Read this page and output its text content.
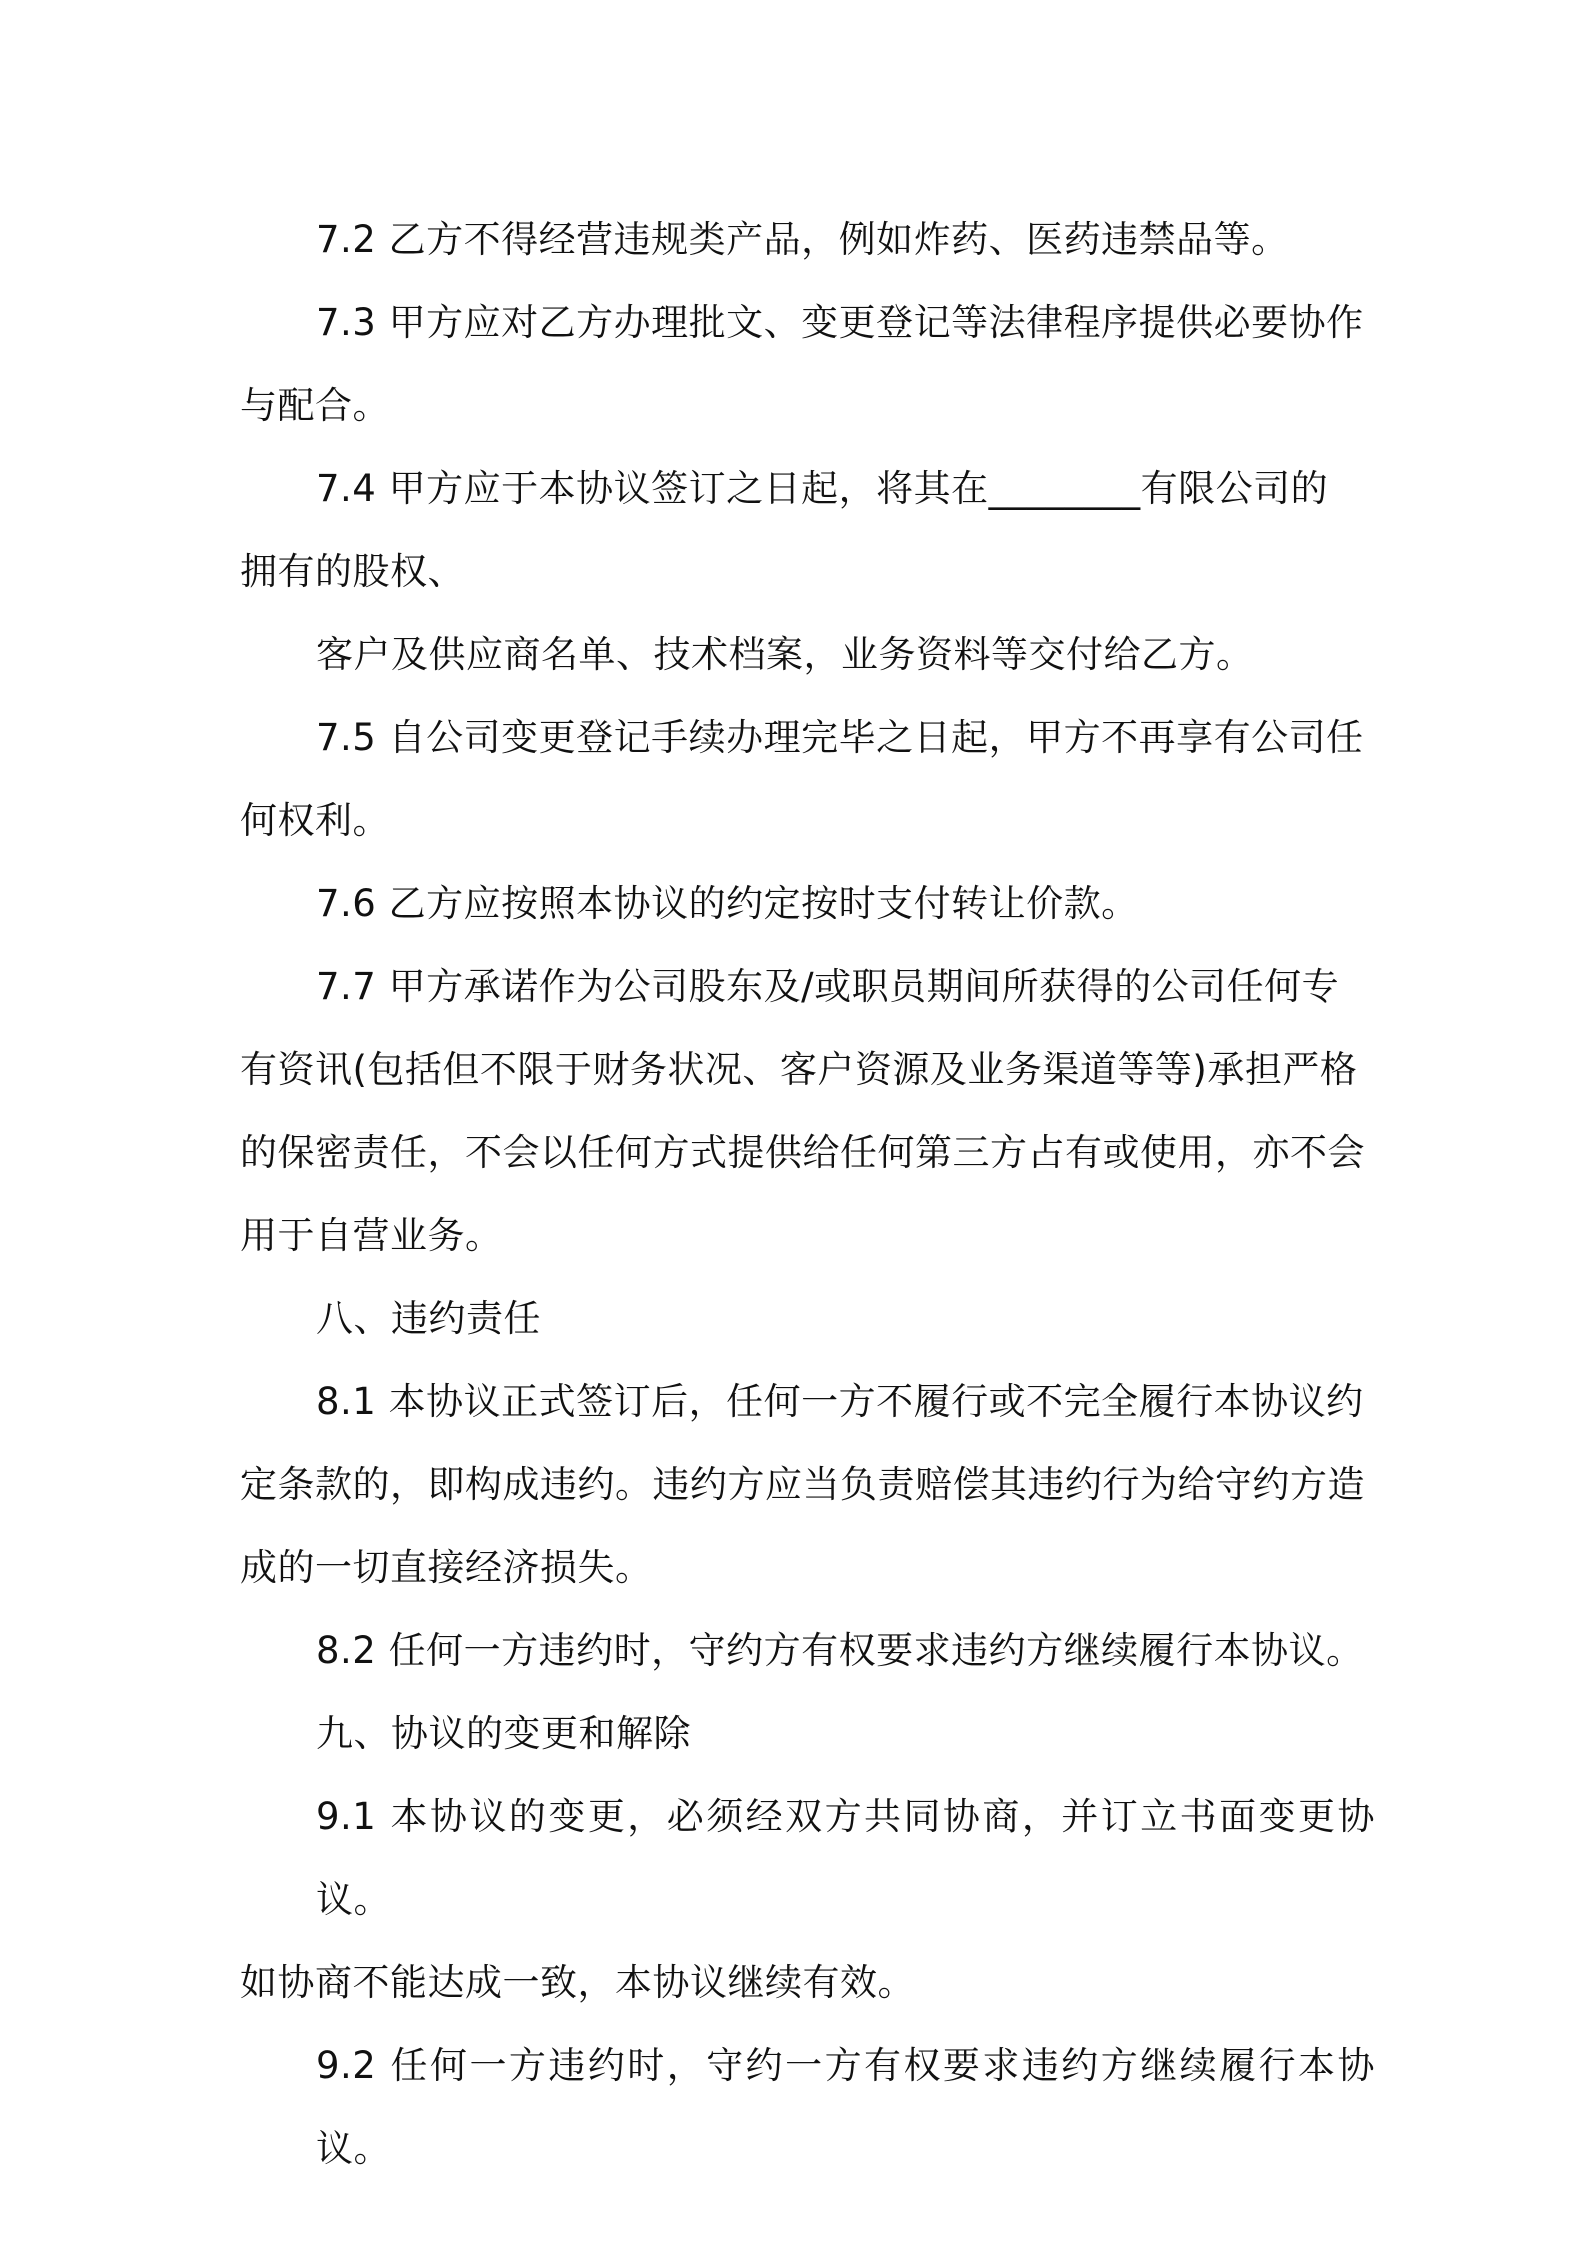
7.2 乙方不得经营违规类产品，例如炸药、医药违禁品等。

7.3 甲方应对乙方办理批文、变更登记等法律程序提供必要协作
与配合。

7.4 甲方应于本协议签订之日起，将其在________有限公司的
拥有的股权、

客户及供应商名单、技术档案，业务资料等交付给乙方。

7.5 自公司变更登记手续办理完毕之日起，甲方不再享有公司任
何权利。

7.6 乙方应按照本协议的约定按时支付转让价款。

7.7 甲方承诺作为公司股东及/或职员期间所获得的公司任何专
有资讯(包括但不限于财务状况、客户资源及业务渠道等等)承担严格
的保密责任，不会以任何方式提供给任何第三方占有或使用，亦不会
用于自营业务。

八、违约责任

8.1 本协议正式签订后，任何一方不履行或不完全履行本协议约
定条款的，即构成违约。违约方应当负责赔偿其违约行为给守约方造
成的一切直接经济损失。

8.2 任何一方违约时，守约方有权要求违约方继续履行本协议。

九、协议的变更和解除

9.1 本协议的变更，必须经双方共同协商，并订立书面变更协议。
如协商不能达成一致，本协议继续有效。

9.2 任何一方违约时，守约一方有权要求违约方继续履行本协议。
